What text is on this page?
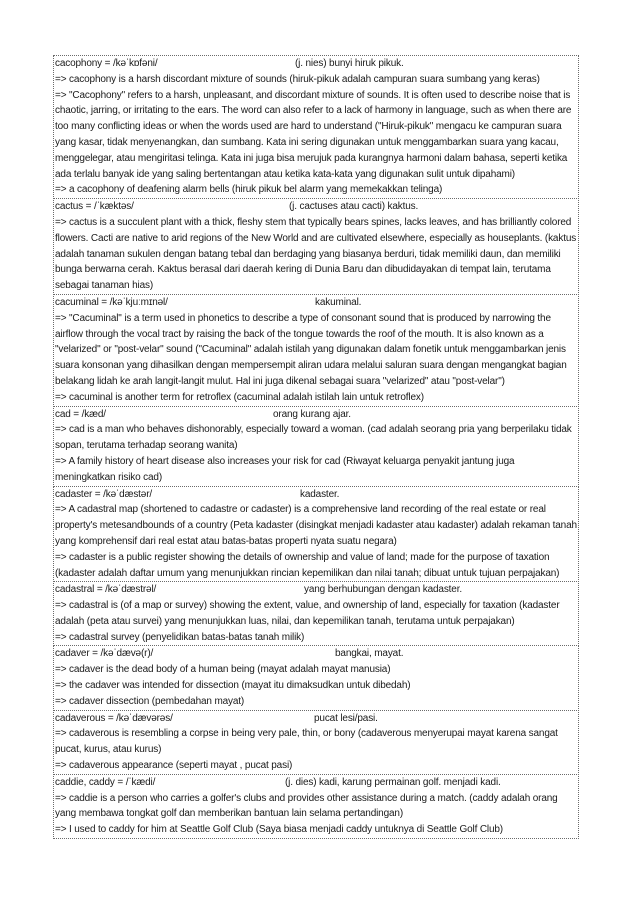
cacophony = /kəˈkɒfəni/	(j. nies) bunyi hiruk pikuk.
=> cacophony is a harsh discordant mixture of sounds (hiruk-pikuk adalah campuran suara sumbang yang keras)
=> "Cacophony" refers to a harsh, unpleasant, and discordant mixture of sounds. It is often used to describe noise that is chaotic, jarring, or irritating to the ears. The word can also refer to a lack of harmony in language, such as when there are too many conflicting ideas or when the words used are hard to understand ("Hiruk-pikuk" mengacu ke campuran suara yang kasar, tidak menyenangkan, dan sumbang. Kata ini sering digunakan untuk menggambarkan suara yang kacau, menggelegar, atau mengiritasi telinga. Kata ini juga bisa merujuk pada kurangnya harmoni dalam bahasa, seperti ketika ada terlalu banyak ide yang saling bertentangan atau ketika kata-kata yang digunakan sulit untuk dipahami)
=> a cacophony of deafening alarm bells (hiruk pikuk bel alarm yang memekakkan telinga)
cactus = /ˈkæktəs/	(j. cactuses atau cacti) kaktus.
=> cactus is a succulent plant with a thick, fleshy stem that typically bears spines, lacks leaves, and has brilliantly colored flowers. Cacti are native to arid regions of the New World and are cultivated elsewhere, especially as houseplants. (kaktus adalah tanaman sukulen dengan batang tebal dan berdaging yang biasanya berduri, tidak memiliki daun, dan memiliki bunga berwarna cerah. Kaktus berasal dari daerah kering di Dunia Baru dan dibudidayakan di tempat lain, terutama sebagai tanaman hias)
cacuminal = /kəˈkjuːmɪnəl/	kakuminal.
=> "Cacuminal" is a term used in phonetics to describe a type of consonant sound that is produced by narrowing the airflow through the vocal tract by raising the back of the tongue towards the roof of the mouth. It is also known as a "velarized" or "post-velar" sound ("Cacuminal" adalah istilah yang digunakan dalam fonetik untuk menggambarkan jenis suara konsonan yang dihasilkan dengan mempersempit aliran udara melalui saluran suara dengan mengangkat bagian belakang lidah ke arah langit-langit mulut. Hal ini juga dikenal sebagai suara "velarized" atau "post-velar")
=> cacuminal is another term for retroflex (cacuminal adalah istilah lain untuk retroflex)
cad = /kæd/	orang kurang ajar.
=> cad is a man who behaves dishonorably, especially toward a woman. (cad adalah seorang pria yang berperilaku tidak sopan, terutama terhadap seorang wanita)
=> A family history of heart disease also increases your risk for cad (Riwayat keluarga penyakit jantung juga meningkatkan risiko cad)
cadaster = /kəˈdæstər/	kadaster.
=> A cadastral map (shortened to cadastre or cadaster) is a comprehensive land recording of the real estate or real property's metesandbounds of a country (Peta kadaster (disingkat menjadi kadaster atau kadaster) adalah rekaman tanah yang komprehensif dari real estat atau batas-batas properti nyata suatu negara)
=> cadaster is a public register showing the details of ownership and value of land; made for the purpose of taxation (kadaster adalah daftar umum yang menunjukkan rincian kepemilikan dan nilai tanah; dibuat untuk tujuan perpajakan)
cadastral = /kəˈdæstrəl/	yang berhubungan dengan kadaster.
=> cadastral is (of a map or survey) showing the extent, value, and ownership of land, especially for taxation (kadaster adalah (peta atau survei) yang menunjukkan luas, nilai, dan kepemilikan tanah, terutama untuk perpajakan)
=> cadastral survey (penyelidikan batas-batas tanah milik)
cadaver = /kəˈdævə(r)/	bangkai, mayat.
=> cadaver is the dead body of a human being (mayat adalah mayat manusia)
=> the cadaver was intended for dissection (mayat itu dimaksudkan untuk dibedah)
=> cadaver dissection (pembedahan mayat)
cadaverous = /kəˈdævərəs/	pucat lesi/pasi.
=> cadaverous is resembling a corpse in being very pale, thin, or bony (cadaverous menyerupai mayat karena sangat pucat, kurus, atau kurus)
=> cadaverous appearance (seperti mayat , pucat pasi)
caddie, caddy = /ˈkædi/	(j. dies) kadi, karung permainan golf. menjadi kadi.
=> caddie is a person who carries a golfer's clubs and provides other assistance during a match. (caddy adalah orang yang membawa tongkat golf dan memberikan bantuan lain selama pertandingan)
=> I used to caddy for him at Seattle Golf Club (Saya biasa menjadi caddy untuknya di Seattle Golf Club)
